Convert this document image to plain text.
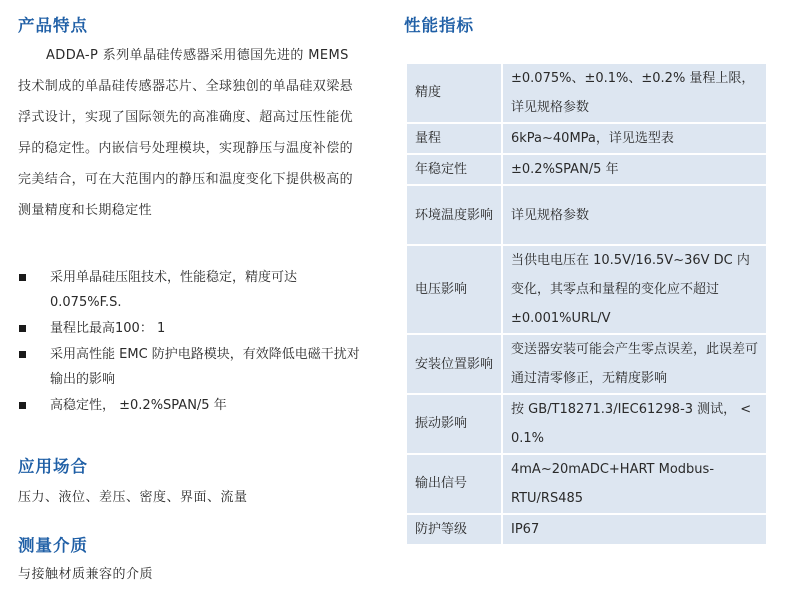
产品特点
ADDA-P 系列单晶硅传感器采用德国先进的 MEMS 技术制成的单晶硅传感器芯片、全球独创的单晶硅双梁悬浮式设计，实现了国际领先的高准确度、超高过压性能优异的稳定性。内嵌信号处理模块，实现静压与温度补偿的完美结合，可在大范围内的静压和温度变化下提供极高的测量精度和长期稳定性
采用单晶硅压阻技术，性能稳定，精度可达 0.075%F.S.
量程比最高100： 1
采用高性能 EMC 防护电路模块，有效降低电磁干扰对输出的影响
高稳定性， ±0.2%SPAN/5 年
应用场合
压力、液位、差压、密度、界面、流量
测量介质
与接触材质兼容的介质
性能指标
精度	±0.075%、±0.1%、±0.2% 量程上限，详见规格参数
量程	6kPa~40MPa，详见选型表
年稳定性	±0.2%SPAN/5 年
环境温度影响	详见规格参数
电压影响	当供电电压在 10.5V/16.5V~36V DC 内变化，其零点和量程的变化应不超过 ±0.001%URL/V
安装位置影响	变送器安装可能会产生零点误差，此误差可通过清零修正，无精度影响
振动影响	按 GB/T18271.3/IEC61298-3 测试， < 0.1%
输出信号	4mA~20mADC+HART Modbus-RTU/RS485
防护等级	IP67
